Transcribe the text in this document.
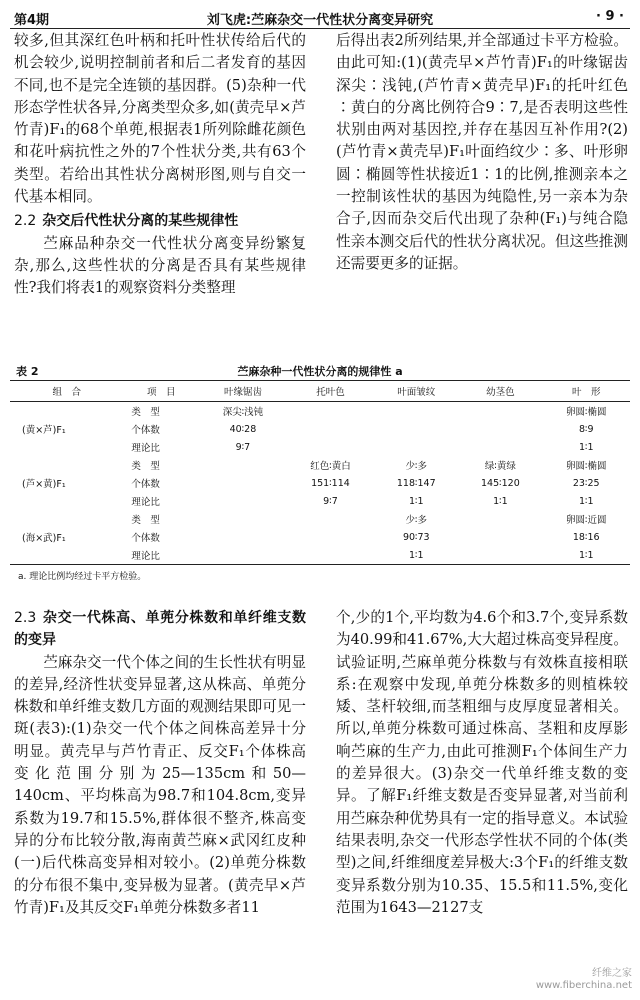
第4期	刘飞虎:苎麻杂交一代性状分离变异研究	· 9 ·

较多,但其深红色叶柄和托叶性状传给后代的机会较少,说明控制前者和后二者发育的基因不同,也不是完全连锁的基因群。(5)杂种一代形态学性状各异,分离类型众多,如(黄壳早×芦竹青)F₁的68个单蔸,根据表1所列除雌花颜色和花叶病抗性之外的7个性状分类,共有63个类型。若给出其性状分离树形图,则与自交一代基本相同。

2.2 杂交后代性状分离的某些规律性

苎麻品种杂交一代性状分离变异纷繁复杂,那么,这些性状的分离是否具有某些规律性?我们将表1的观察资料分类整理

后得出表2所列结果,并全部通过卡平方检验。由此可知:(1)(黄壳早×芦竹青)F₁的叶缘锯齿深尖∶浅钝,(芦竹青×黄壳早)F₁的托叶红色∶黄白的分离比例符合9∶7,是否表明这些性状别由两对基因控,并存在基因互补作用?(2)(芦竹青×黄壳早)F₁叶面绉纹少∶多、叶形卵圆∶椭圆等性状接近1∶1的比例,推测亲本之一控制该性状的基因为纯隐性,另一亲本为杂合子,因而杂交后代出现了杂种(F₁)与纯合隐性亲本测交后代的性状分离状况。但这些推测还需要更多的证据。

表 2	苎麻杂种一代性状分离的规律性 a
组　合	项　目	叶缘锯齿	托叶色	叶面皱纹	幼茎色	叶　形
(黄×芦)F₁	类　型	深尖∶浅钝				卵圆∶椭圆
	个体数	40∶28				8∶9
	理论比	9∶7				1∶1
(芦×黄)F₁	类　型		红色∶黄白	少∶多	绿∶黄绿	卵圆∶椭圆
	个体数		151∶114	118∶147	145∶120	23∶25
	理论比		9∶7	1∶1	1∶1	1∶1
(海×武)F₁	类　型			少∶多		卵圆∶近圆
	个体数			90∶73		18∶16
	理论比			1∶1		1∶1
a. 理论比例均经过卡平方检验。

2.3 杂交一代株高、单蔸分株数和单纤维支数的变异

苎麻杂交一代个体之间的生长性状有明显的差异,经济性状变异显著,这从株高、单蔸分株数和单纤维支数几方面的观测结果即可见一斑(表3):(1)杂交一代个体之间株高差异十分明显。黄壳早与芦竹青正、反交F₁个体株高变化范围分别为25—135cm和50—140cm、平均株高为98.7和104.8cm,变异系数为19.7和15.5%,群体很不整齐,株高变异的分布比较分散,海南黄苎麻×武冈红皮种(一)后代株高变异相对较小。(2)单蔸分株数的分布很不集中,变异极为显著。(黄壳早×芦竹青)F₁及其反交F₁单蔸分株数多者11

个,少的1个,平均数为4.6个和3.7个,变异系数为40.99和41.67%,大大超过株高变异程度。试验证明,苎麻单蔸分株数与有效株直接相联系:在观察中发现,单蔸分株数多的则植株较矮、茎杆较细,而茎粗细与皮厚度显著相关。所以,单蔸分株数可通过株高、茎粗和皮厚影响苎麻的生产力,由此可推测F₁个体间生产力的差异很大。(3)杂交一代单纤维支数的变异。了解F₁纤维支数是否变异显著,对当前利用苎麻杂种优势具有一定的指导意义。本试验结果表明,杂交一代形态学性状不同的个体(类型)之间,纤维细度差异极大:3个F₁的纤维支数变异系数分别为10.35、15.5和11.5%,变化范围为1643—2127支

纤维之家
www.fiberchina.net
